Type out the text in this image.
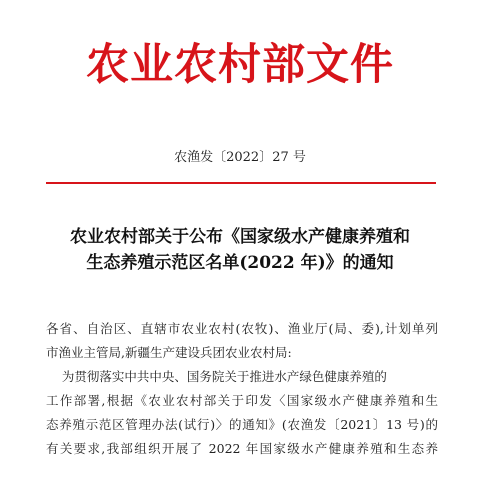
农业农村部文件
农渔发〔2022〕27 号
农业农村部关于公布《国家级水产健康养殖和
生态养殖示范区名单(2022 年)》的通知
各省、自治区、直辖市农业农村(农牧)、渔业厅(局、委),计划单列
市渔业主管局,新疆生产建设兵团农业农村局:
为贯彻落实中共中央、国务院关于推进水产绿色健康养殖的
工作部署,根据《农业农村部关于印发〈国家级水产健康养殖和生
态养殖示范区管理办法(试行)〉的通知》(农渔发〔2021〕13 号)的
有关要求,我部组织开展了 2022 年国家级水产健康养殖和生态养
